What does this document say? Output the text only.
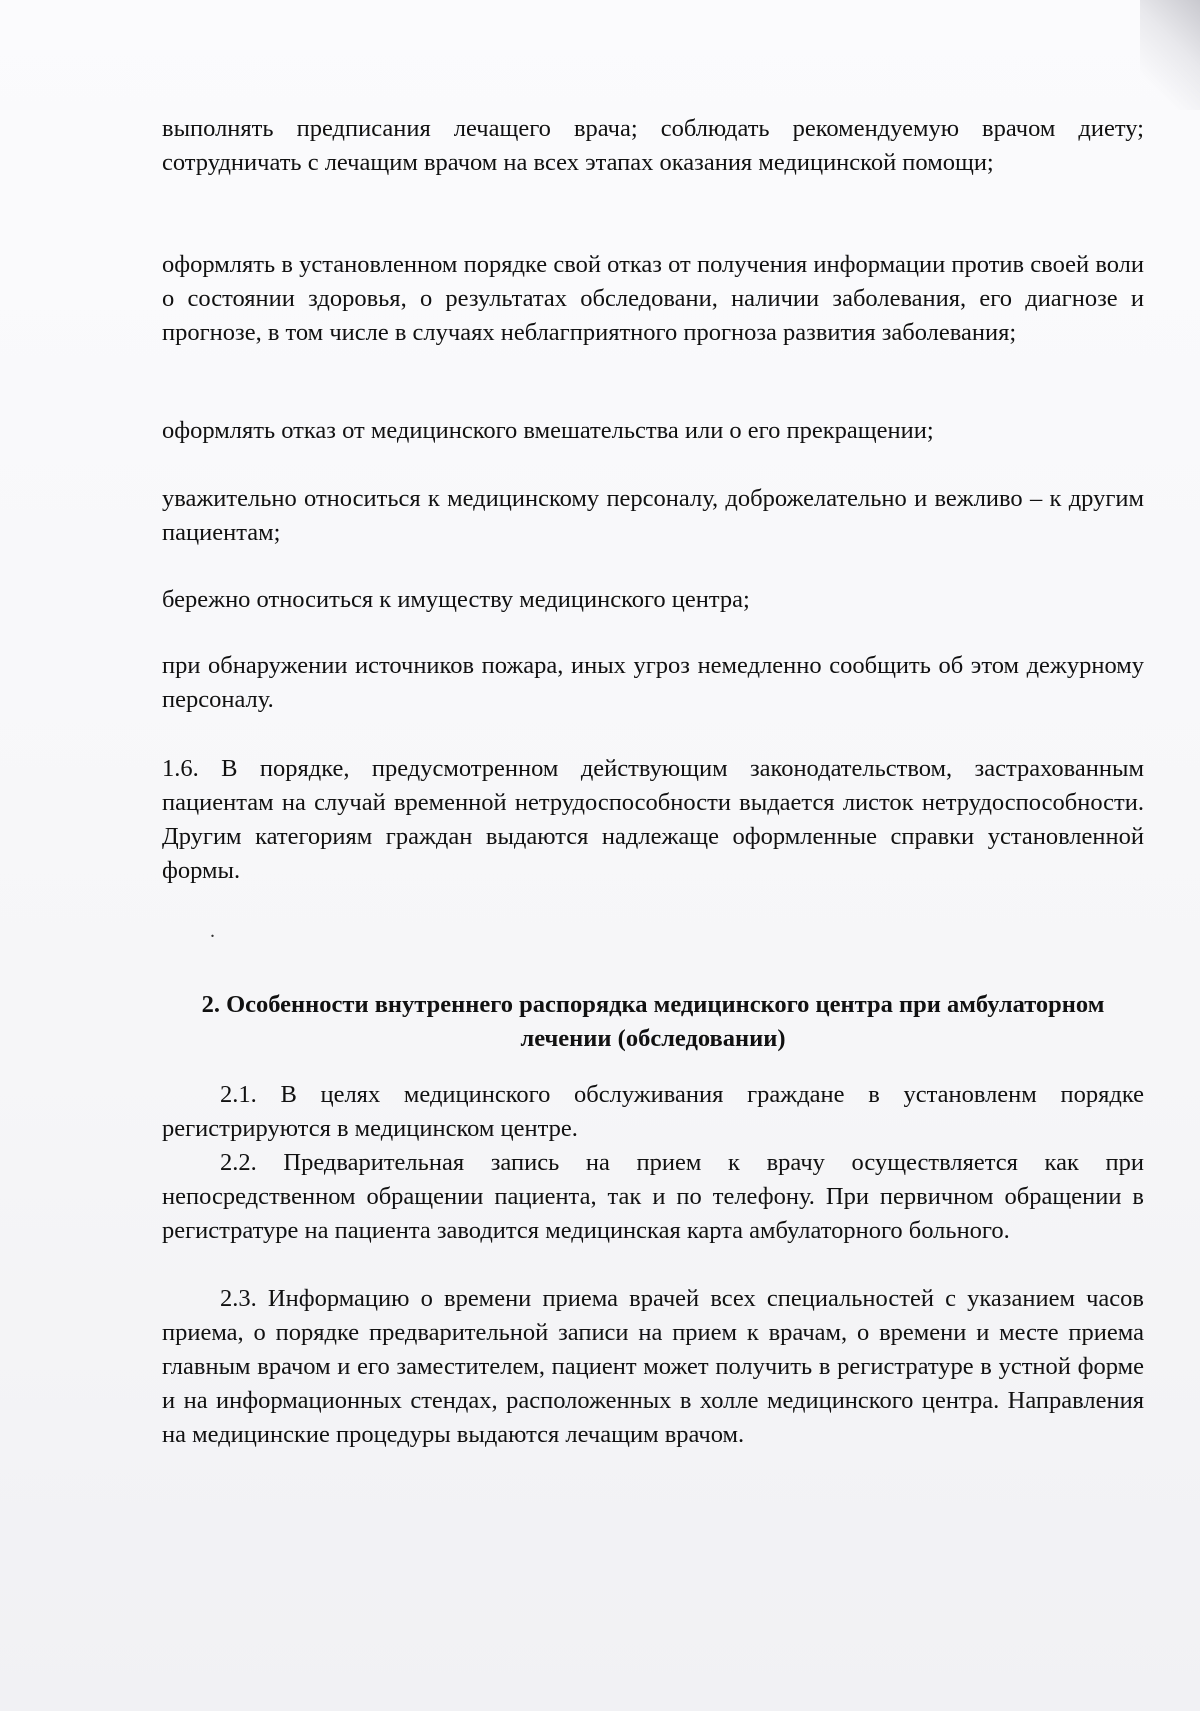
выполнять предписания лечащего врача; соблюдать рекомендуемую врачом диету; сотрудничать с лечащим врачом на всех этапах оказания медицинской помощи;

оформлять в установленном порядке свой отказ от получения информации против своей воли о состоянии здоровья, о результатах обследовани, наличии заболевания, его диагнозе и прогнозе, в том числе в случаях неблагприятного прогноза развития заболевания;

оформлять отказ от медицинского вмешательства или о его прекращении;

уважительно относиться к медицинскому персоналу, доброжелательно и вежливо – к другим пациентам;

бережно относиться к имуществу медицинского центра;

при обнаружении источников пожара, иных угроз немедленно сообщить об этом дежурному персоналу.

1.6. В порядке, предусмотренном действующим законодательством, застрахованным пациентам на случай временной нетрудоспособности выдается листок нетрудоспособности. Другим категориям граждан выдаются надлежаще оформленные справки установленной формы.

.
2. Особенности внутреннего распорядка медицинского центра при амбулаторном лечении (обследовании)

2.1. В целях медицинского обслуживания граждане в установленм порядке регистрируются в медицинском центре.

2.2. Предварительная запись на прием к врачу осуществляется как при непосредственном обращении пациента, так и по телефону. При первичном обращении в регистратуре на пациента заводится медицинская карта амбулаторного больного.

2.3. Информацию о времени приема врачей всех специальностей с указанием часов приема, о порядке предварительной записи на прием к врачам, о времени и месте приема главным врачом и его заместителем, пациент может получить в регистратуре в устной форме и на информационных стендах, расположенных в холле медицинского центра. Направления на медицинские процедуры выдаются лечащим врачом.
